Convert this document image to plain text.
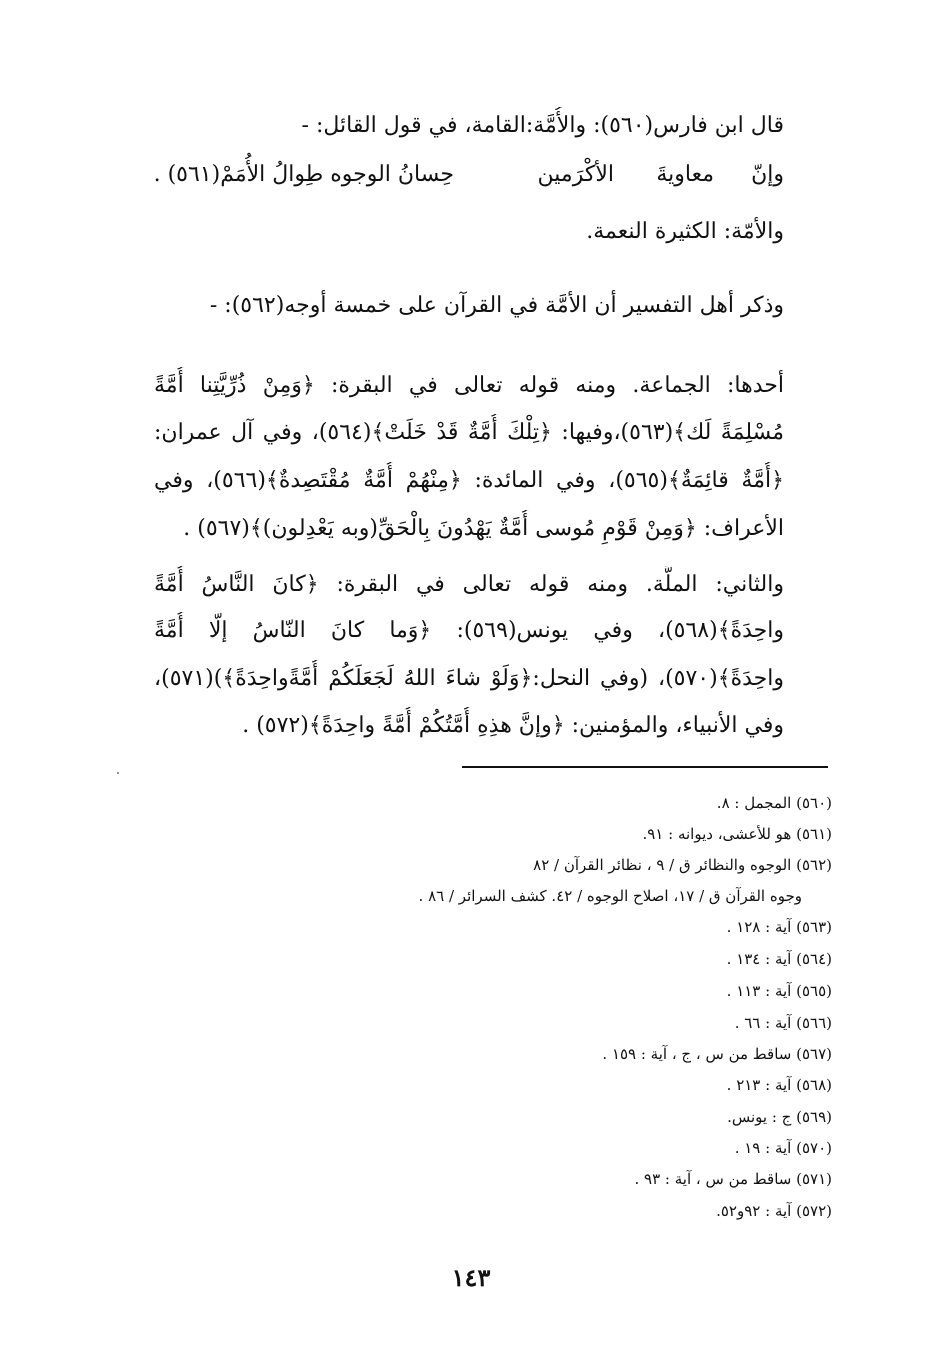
قال ابن فارس(٥٦٠): والأُمَّة:القامة، في قول القائل: -
وإنّ
معاويةَ
الأكْرَمين
حِسانُ الوجوه طِوالُ الأُمَمْ(٥٦١) .
والأمّة: الكثيرة النعمة.
وذكر أهل التفسير أن الأمَّة في القرآن على خمسة أوجه(٥٦٢): -
أحدها: الجماعة. ومنه قوله تعالى في البقرة: ﴿وَمِنْ ذُرِّيَّتِنا أُمَّةً
مُسْلِمَةً لَك﴾(٥٦٣)،وفيها: ﴿تِلْكَ أُمَّةٌ قَدْ خَلَتْ﴾(٥٦٤)، وفي آل عمران:
﴿أُمَّةٌ قائِمَةٌ﴾(٥٦٥)، وفي المائدة: ﴿مِنْهُمْ أُمَّةٌ مُقْتَصِدةٌ﴾(٥٦٦)، وفي
الأعراف: ﴿وَمِنْ قَوْمِ مُوسى أُمَّةٌ يَهْدُونَ بِالْحَقِّ(وبه يَعْدِلون)﴾(٥٦٧) .
والثاني: الملَّة. ومنه قوله تعالى في البقرة: ﴿كانَ النَّاسُ أُمَّةً
واحِدَةً﴾(٥٦٨)، وفي يونس(٥٦٩): ﴿وَما كانَ النّاسُ إلّا أُمَّةً
واحِدَةً﴾(٥٧٠)، (وفي النحل:﴿وَلَوْ شاءَ اللهُ لَجَعَلَكُمْ أُمَّةًواحِدَةً﴾)(٥٧١)،
وفي الأنبياء، والمؤمنين: ﴿وإنَّ هذِهِ أُمَّتُكُمْ أُمَّةً واحِدَةً﴾(٥٧٢) .
(٥٦٠) المجمل : ٨.
(٥٦١) هو للأعشى، ديوانه : ٩١.
(٥٦٢) الوجوه والنظائر ق / ٩ ، نظائر القرآن / ٨٢
وجوه القرآن ق / ١٧، اصلاح الوجوه / ٤٢. كشف السرائر / ٨٦ .
(٥٦٣) آية : ١٢٨ .
(٥٦٤) آية : ١٣٤ .
(٥٦٥) آية : ١١٣ .
(٥٦٦) آية : ٦٦ .
(٥٦٧) ساقط من س ، ج ، آية : ١٥٩ .
(٥٦٨) آية : ٢١٣ .
(٥٦٩) ج : يونس.
(٥٧٠) آية : ١٩ .
(٥٧١) ساقط من س ، آية : ٩٣ .
(٥٧٢) آية : ٩٢و٥٢.
١٤٣
